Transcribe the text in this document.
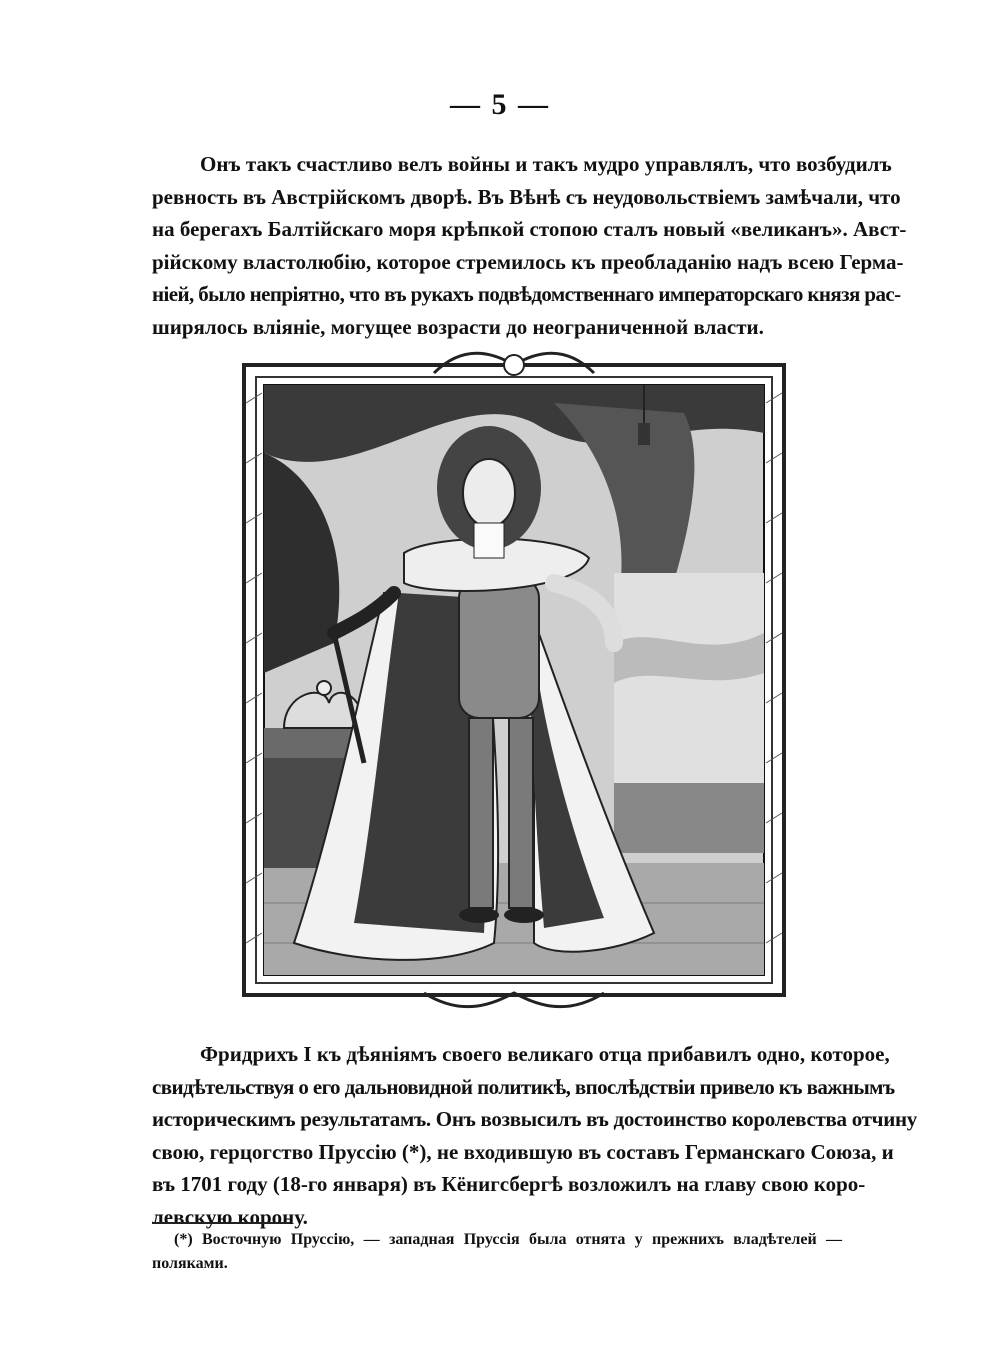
— 5 —

Онъ такъ счастливо велъ войны и такъ мудро управлялъ, что возбудилъ
ревность въ Австрійскомъ дворѣ. Въ Вѣнѣ съ неудовольствіемъ замѣчали, что
на берегахъ Балтійскаго моря крѣпкой стопою сталъ новый «великанъ». Авст-
рійскому властолюбію, которое стремилось къ преобладанію надъ всею Герма-
ніей, было непріятно, что въ рукахъ подвѣдомственнаго императорскаго князя рас-
ширялось вліяніе, могущее возрасти до неограниченной власти.

Фридрихъ I къ дѣяніямъ своего великаго отца прибавилъ одно, которое,
свидѣтельствуя о его дальновидной политикѣ, впослѣдствіи привело къ важнымъ
историческимъ результатамъ. Онъ возвысилъ въ достоинство королевства отчину
свою, герцогство Пруссію (*), не входившую въ составъ Германскаго Союза, и
въ 1701 году (18-го января) въ Кёнигсбергѣ возложилъ на главу свою коро-
левскую корону.

(*) Восточную Пруссію, — западная Пруссія была отнята у прежнихъ владѣтелей —
поляками.
